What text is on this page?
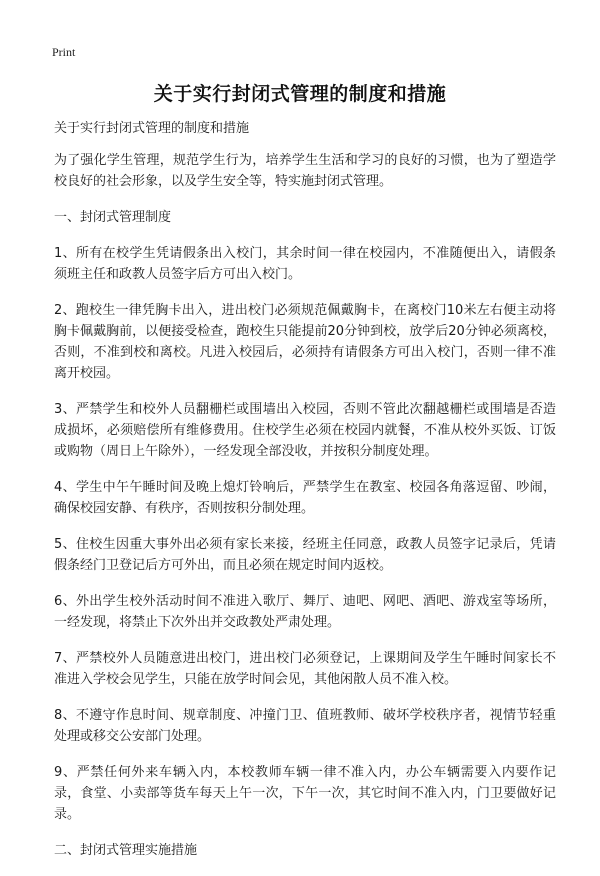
Print
关于实行封闭式管理的制度和措施

关于实行封闭式管理的制度和措施

为了强化学生管理，规范学生行为，培养学生生活和学习的良好的习惯，也为了塑造学校良好的社会形象，以及学生安全等，特实施封闭式管理。

一、封闭式管理制度

1、所有在校学生凭请假条出入校门，其余时间一律在校园内，不准随便出入，请假条须班主任和政教人员签字后方可出入校门。

2、跑校生一律凭胸卡出入，进出校门必须规范佩戴胸卡，在离校门10米左右便主动将胸卡佩戴胸前，以便接受检查，跑校生只能提前20分钟到校，放学后20分钟必须离校，否则，不准到校和离校。凡进入校园后，必须持有请假条方可出入校门，否则一律不准离开校园。

3、严禁学生和校外人员翻栅栏或围墙出入校园，否则不管此次翻越栅栏或围墙是否造成损坏，必须赔偿所有维修费用。住校学生必须在校园内就餐，不准从校外买饭、订饭或购物（周日上午除外），一经发现全部没收，并按积分制度处理。

4、学生中午午睡时间及晚上熄灯铃响后，严禁学生在教室、校园各角落逗留、吵闹，确保校园安静、有秩序，否则按积分制处理。

5、住校生因重大事外出必须有家长来接，经班主任同意，政教人员签字记录后，凭请假条经门卫登记后方可外出，而且必须在规定时间内返校。

6、外出学生校外活动时间不准进入歌厅、舞厅、迪吧、网吧、酒吧、游戏室等场所，一经发现，将禁止下次外出并交政教处严肃处理。

7、严禁校外人员随意进出校门，进出校门必须登记，上课期间及学生午睡时间家长不准进入学校会见学生，只能在放学时间会见，其他闲散人员不准入校。

8、不遵守作息时间、规章制度、冲撞门卫、值班教师、破坏学校秩序者，视情节轻重处理或移交公安部门处理。

9、严禁任何外来车辆入内，本校教师车辆一律不准入内，办公车辆需要入内要作记录，食堂、小卖部等货车每天上午一次，下午一次，其它时间不准入内，门卫要做好记录。

二、封闭式管理实施措施
